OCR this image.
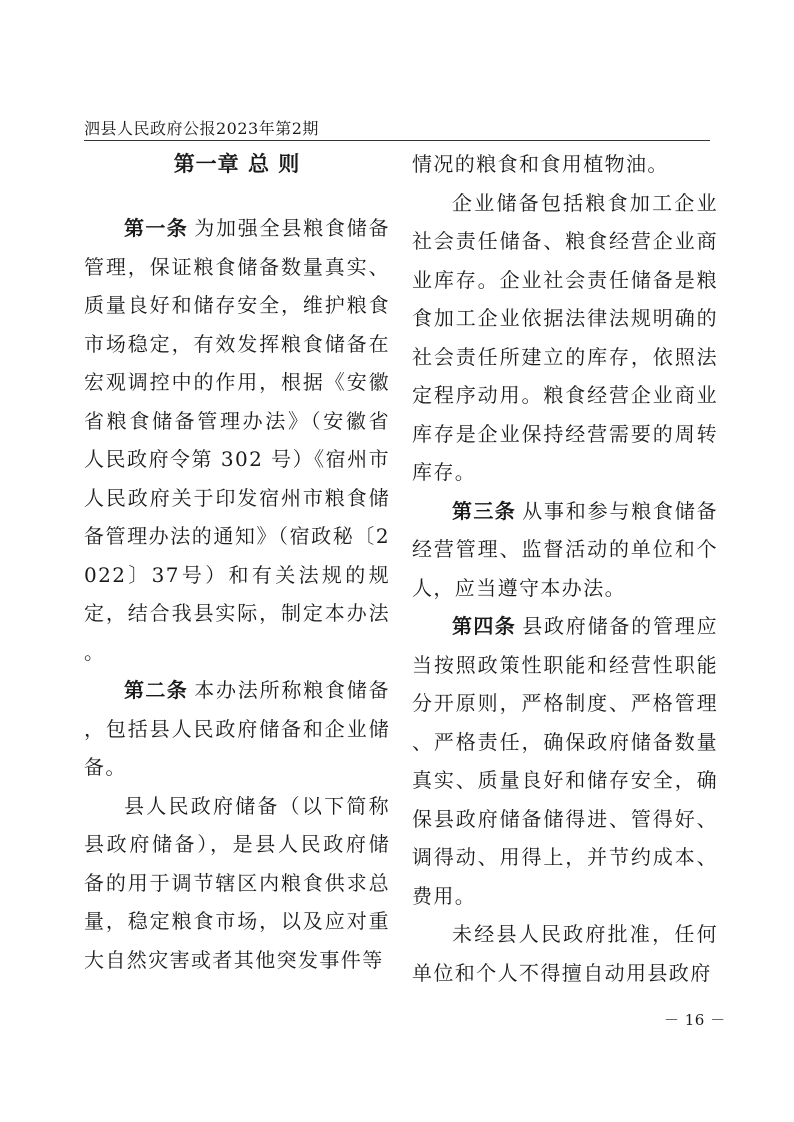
泗县人民政府公报2023年第2期
第一章 总 则

第一条 为加强全县粮食储备管理，保证粮食储备数量真实、质量良好和储存安全，维护粮食市场稳定，有效发挥粮食储备在宏观调控中的作用，根据《安徽省粮食储备管理办法》（安徽省人民政府令第 302 号）《宿州市人民政府关于印发宿州市粮食储备管理办法的通知》（宿政秘〔2022〕37号）和有关法规的规定，结合我县实际，制定本办法。

第二条 本办法所称粮食储备，包括县人民政府储备和企业储备。

县人民政府储备（以下简称县政府储备），是县人民政府储备的用于调节辖区内粮食供求总量，稳定粮食市场，以及应对重大自然灾害或者其他突发事件等

情况的粮食和食用植物油。

企业储备包括粮食加工企业社会责任储备、粮食经营企业商业库存。企业社会责任储备是粮食加工企业依据法律法规明确的社会责任所建立的库存，依照法定程序动用。粮食经营企业商业库存是企业保持经营需要的周转库存。

第三条 从事和参与粮食储备经营管理、监督活动的单位和个人，应当遵守本办法。

第四条 县政府储备的管理应当按照政策性职能和经营性职能分开原则，严格制度、严格管理、严格责任，确保政府储备数量真实、质量良好和储存安全，确保县政府储备储得进、管得好、调得动、用得上，并节约成本、费用。

未经县人民政府批准，任何单位和个人不得擅自动用县政府

－ 16 －
